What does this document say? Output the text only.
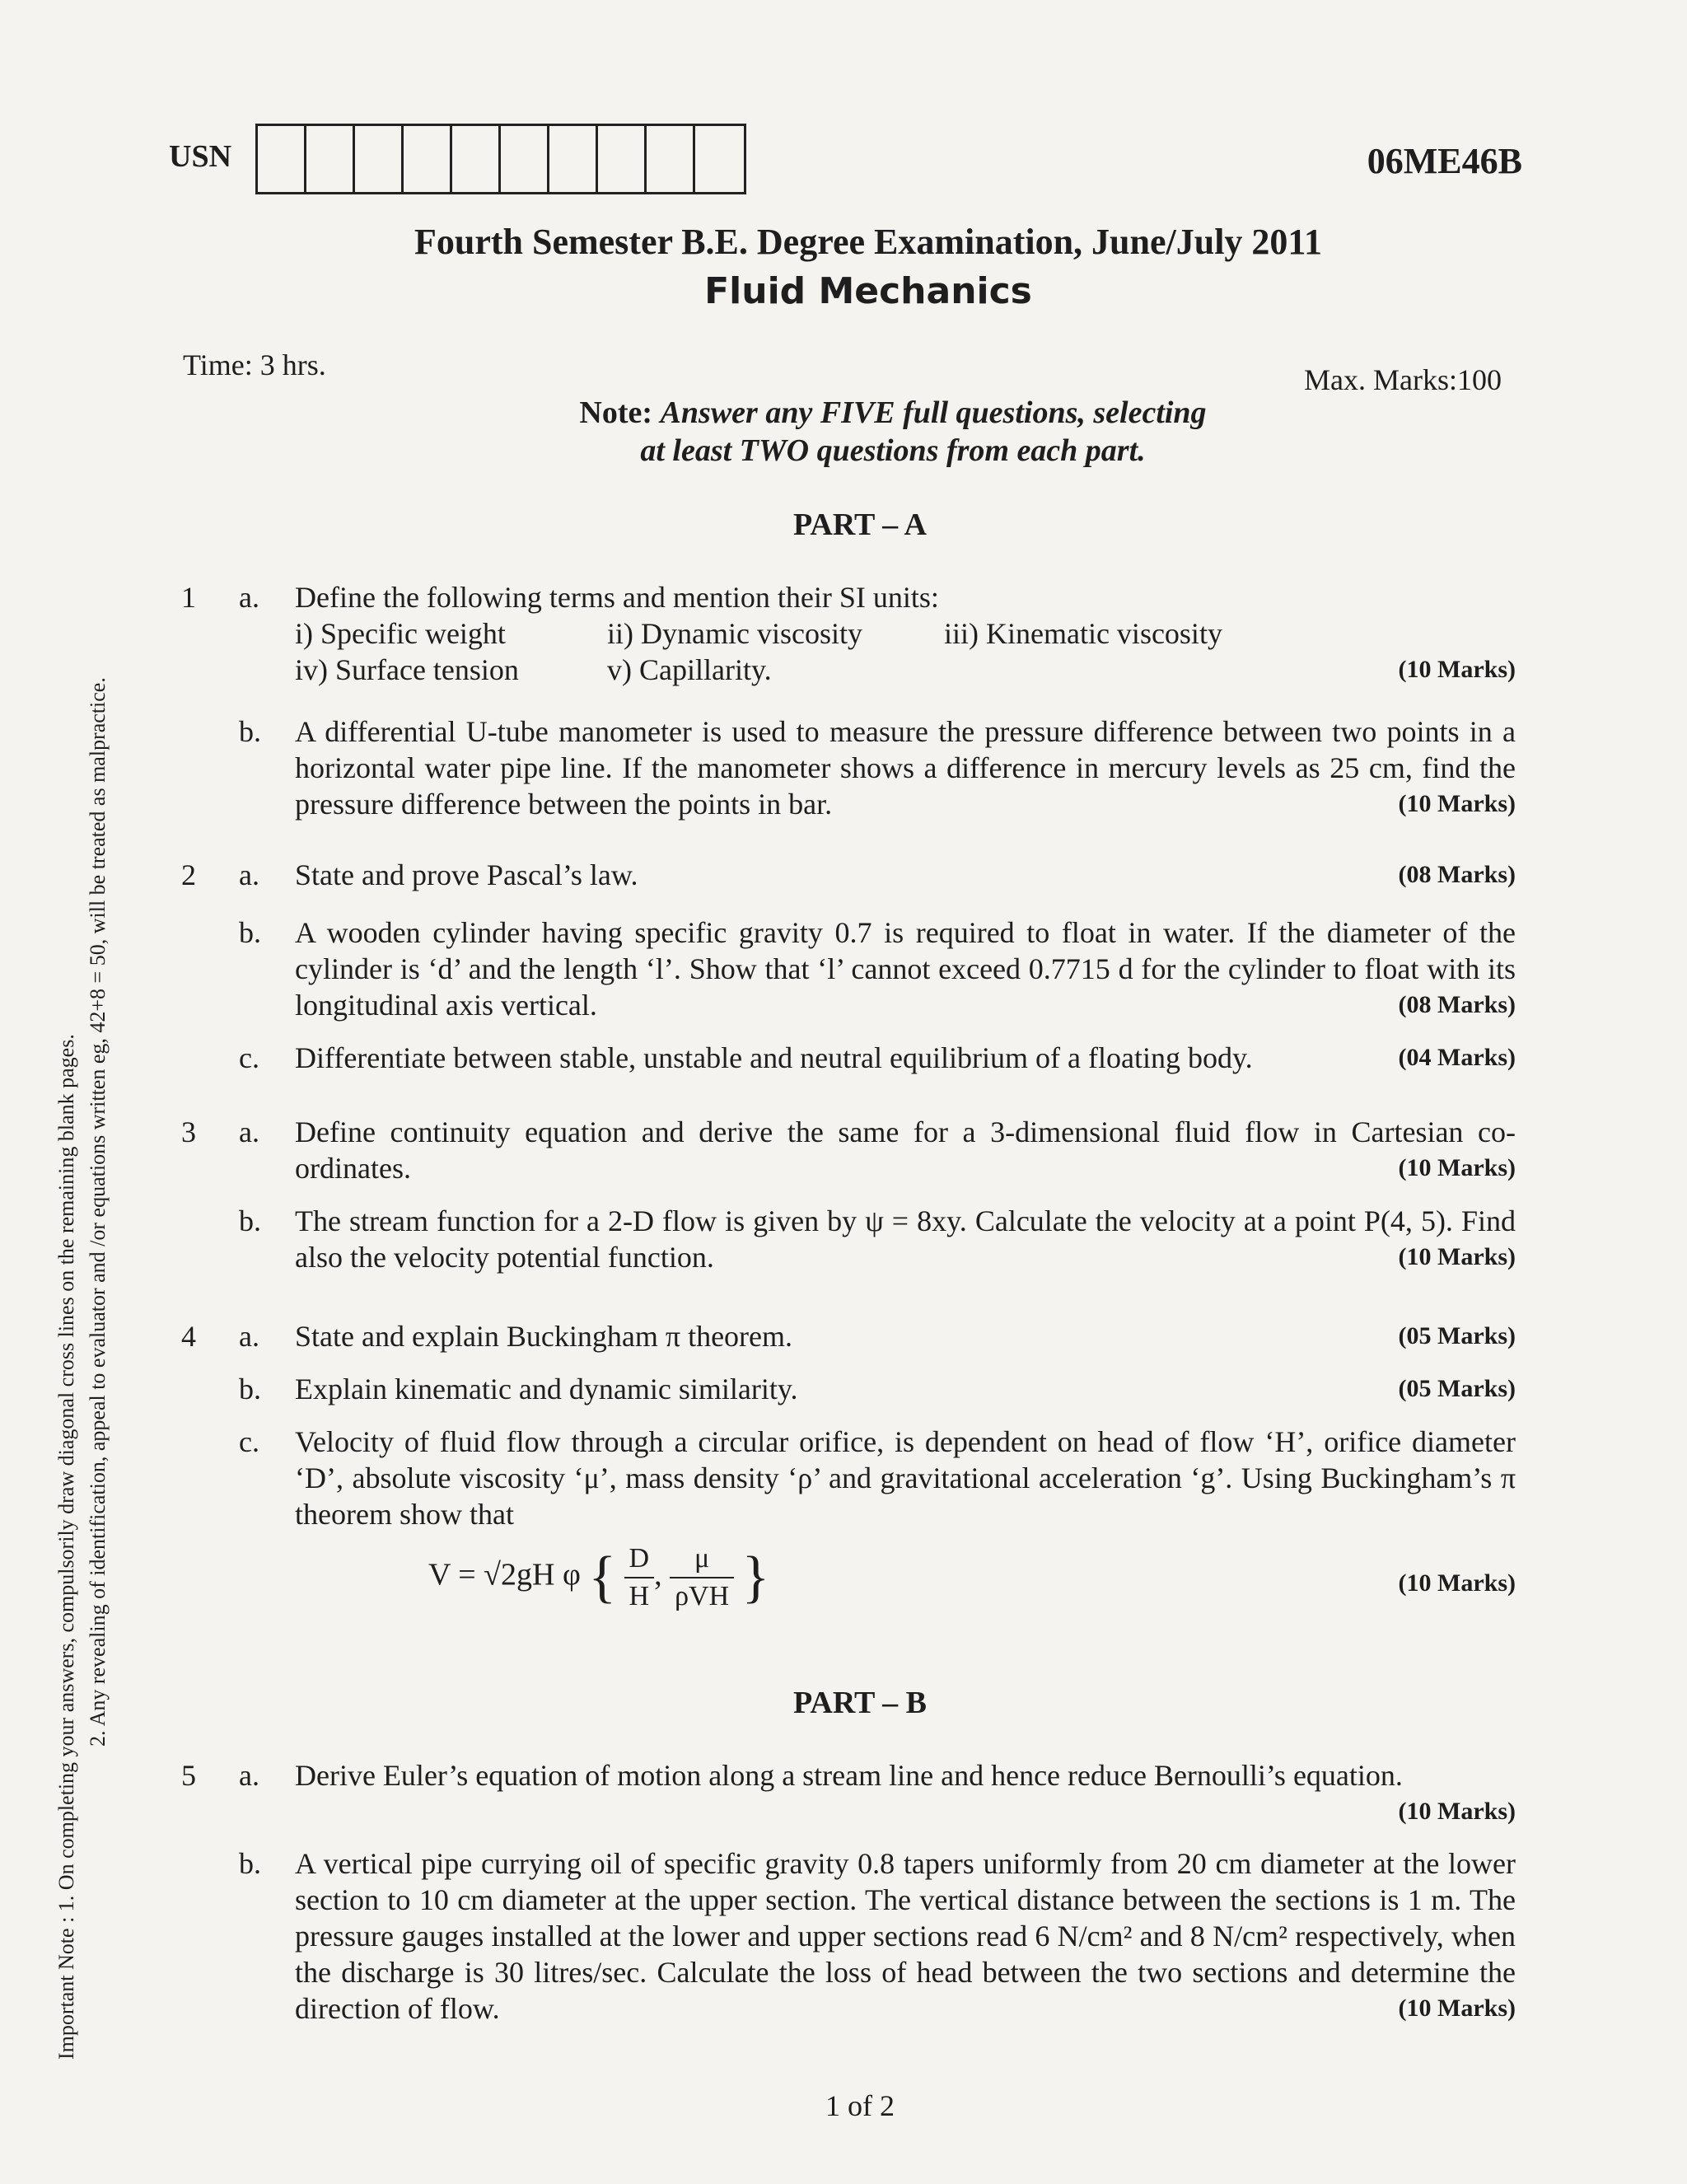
USN	06ME46B
Fourth Semester B.E. Degree Examination, June/July 2011
Fluid Mechanics
Time: 3 hrs.	Max. Marks:100
Note: Answer any FIVE full questions, selecting
at least TWO questions from each part.
PART – A
1	a. Define the following terms and mention their SI units:
i) Specific weight	ii) Dynamic viscosity	iii) Kinematic viscosity
iv) Surface tension	v) Capillarity.	(10 Marks)
b. A differential U-tube manometer is used to measure the pressure difference between two points in a horizontal water pipe line. If the manometer shows a difference in mercury levels as 25 cm, find the pressure difference between the points in bar.	(10 Marks)
2	a. State and prove Pascal’s law.	(08 Marks)
b. A wooden cylinder having specific gravity 0.7 is required to float in water. If the diameter of the cylinder is ‘d’ and the length ‘l’. Show that ‘l’ cannot exceed 0.7715 d for the cylinder to float with its longitudinal axis vertical.	(08 Marks)
c. Differentiate between stable, unstable and neutral equilibrium of a floating body.	(04 Marks)
3	a. Define continuity equation and derive the same for a 3-dimensional fluid flow in Cartesian co-ordinates.	(10 Marks)
b. The stream function for a 2-D flow is given by ψ = 8xy. Calculate the velocity at a point P(4, 5). Find also the velocity potential function.	(10 Marks)
4	a. State and explain Buckingham π theorem.	(05 Marks)
b. Explain kinematic and dynamic similarity.	(05 Marks)
c. Velocity of fluid flow through a circular orifice, is dependent on head of flow ‘H’, orifice diameter ‘D’, absolute viscosity ‘μ’, mass density ‘ρ’ and gravitational acceleration ‘g’. Using Buckingham’s π theorem show that
V = √2gH φ { $\frac{D}{H}$ , $\frac{\mu}{\text{ρVH}}$ }	(10 Marks)
PART – B
5	a. Derive Euler’s equation of motion along a stream line and hence reduce Bernoulli’s equation.
(10 Marks)
b. A vertical pipe currying oil of specific gravity 0.8 tapers uniformly from 20 cm diameter at the lower section to 10 cm diameter at the upper section. The vertical distance between the sections is 1 m. The pressure gauges installed at the lower and upper sections read 6 N/cm² and 8 N/cm² respectively, when the discharge is 30 litres/sec. Calculate the loss of head between the two sections and determine the direction of flow.	(10 Marks)
Important Note : 1. On completing your answers, compulsorily draw diagonal cross lines on the remaining blank pages. 2. Any revealing of identification, appeal to evaluator and /or equations written eg, 42+8 = 50, will be treated as malpractice.
1 of 2
